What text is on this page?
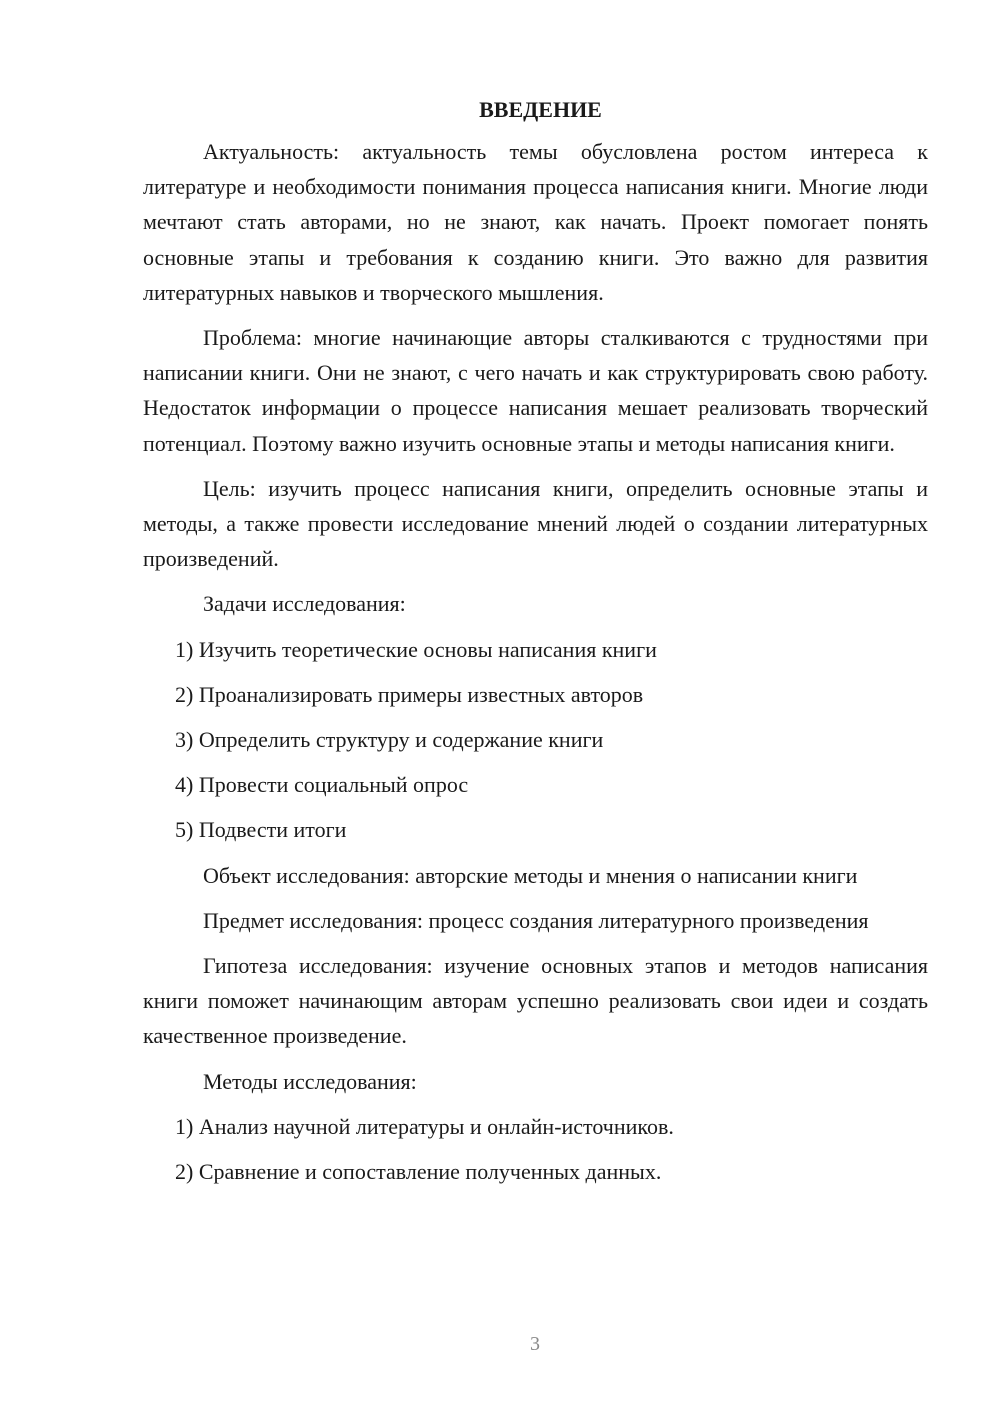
ВВЕДЕНИЕ

Актуальность: актуальность темы обусловлена ростом интереса к литературе и необходимости понимания процесса написания книги. Многие люди мечтают стать авторами, но не знают, как начать. Проект помогает понять основные этапы и требования к созданию книги. Это важно для развития литературных навыков и творческого мышления.

Проблема: многие начинающие авторы сталкиваются с трудностями при написании книги. Они не знают, с чего начать и как структурировать свою работу. Недостаток информации о процессе написания мешает реализовать творческий потенциал. Поэтому важно изучить основные этапы и методы написания книги.

Цель: изучить процесс написания книги, определить основные этапы и методы, а также провести исследование мнений людей о создании литературных произведений.

Задачи исследования:

1) Изучить теоретические основы написания книги
2) Проанализировать примеры известных авторов
3) Определить структуру и содержание книги
4) Провести социальный опрос
5) Подвести итоги

Объект исследования: авторские методы и мнения о написании книги

Предмет исследования: процесс создания литературного произведения

Гипотеза исследования: изучение основных этапов и методов написания книги поможет начинающим авторам успешно реализовать свои идеи и создать качественное произведение.

Методы исследования:

1) Анализ научной литературы и онлайн-источников.
2) Сравнение и сопоставление полученных данных.
3
